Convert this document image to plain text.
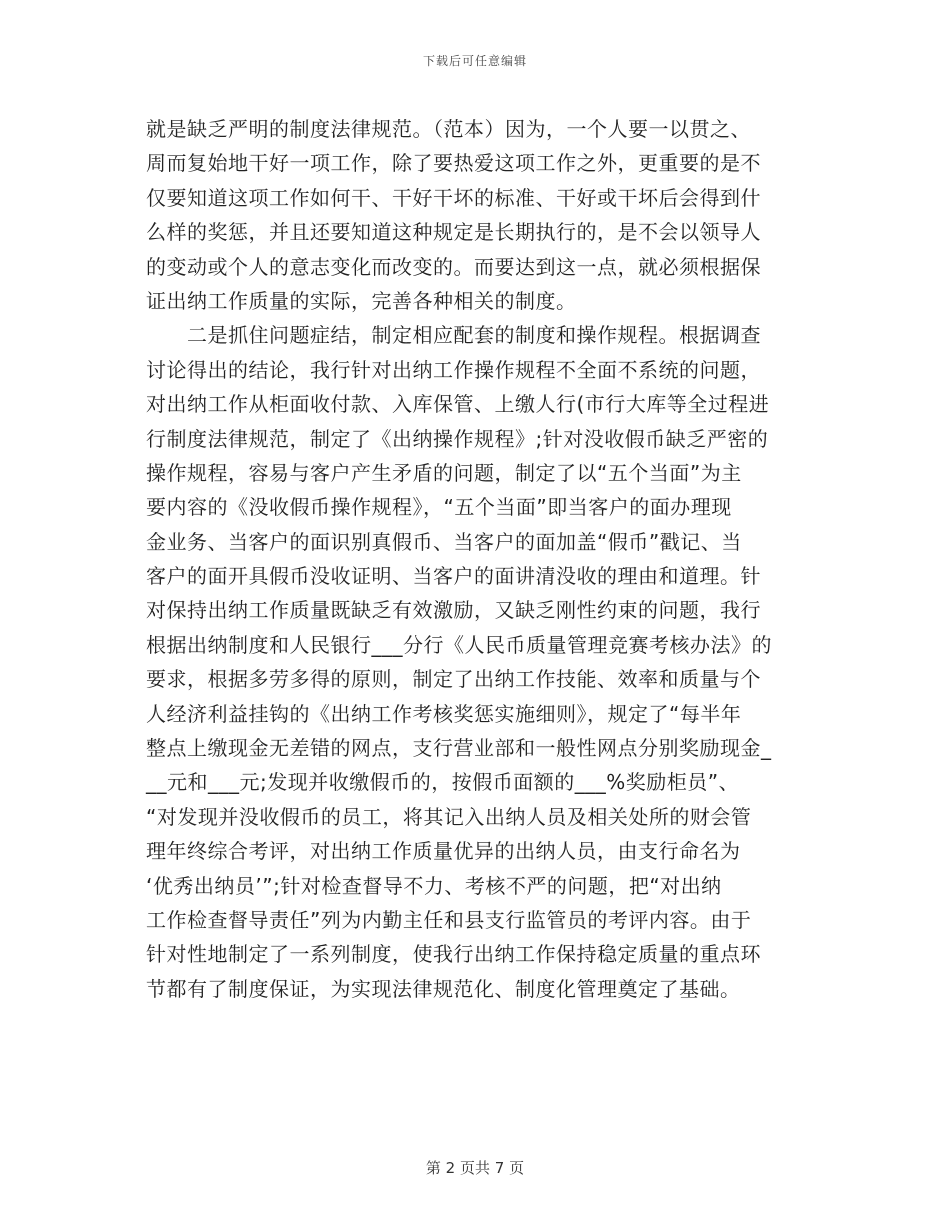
下载后可任意编辑
就是缺乏严明的制度法律规范。（范本）因为，一个人要一以贯之、
周而复始地干好一项工作，除了要热爱这项工作之外，更重要的是不
仅要知道这项工作如何干、干好干坏的标准、干好或干坏后会得到什
么样的奖惩，并且还要知道这种规定是长期执行的，是不会以领导人
的变动或个人的意志变化而改变的。而要达到这一点，就必须根据保
证出纳工作质量的实际，完善各种相关的制度。
二是抓住问题症结，制定相应配套的制度和操作规程。根据调查
讨论得出的结论，我行针对出纳工作操作规程不全面不系统的问题，
对出纳工作从柜面收付款、入库保管、上缴人行(市行大库等全过程进
行制度法律规范，制定了《出纳操作规程》;针对没收假币缺乏严密的
操作规程，容易与客户产生矛盾的问题，制定了以“五个当面”为主
要内容的《没收假币操作规程》，“五个当面”即当客户的面办理现
金业务、当客户的面识别真假币、当客户的面加盖“假币”戳记、当
客户的面开具假币没收证明、当客户的面讲清没收的理由和道理。针
对保持出纳工作质量既缺乏有效激励，又缺乏刚性约束的问题，我行
根据出纳制度和人民银行___分行《人民币质量管理竞赛考核办法》的
要求，根据多劳多得的原则，制定了出纳工作技能、效率和质量与个
人经济利益挂钩的《出纳工作考核奖惩实施细则》，规定了“每半年
整点上缴现金无差错的网点，支行营业部和一般性网点分别奖励现金_
__元和___元;发现并收缴假币的，按假币面额的___%奖励柜员”、
“对发现并没收假币的员工，将其记入出纳人员及相关处所的财会管
理年终综合考评，对出纳工作质量优异的出纳人员，由支行命名为
‘优秀出纳员’”;针对检查督导不力、考核不严的问题，把“对出纳
工作检查督导责任”列为内勤主任和县支行监管员的考评内容。由于
针对性地制定了一系列制度，使我行出纳工作保持稳定质量的重点环
节都有了制度保证，为实现法律规范化、制度化管理奠定了基础。
第 2 页共 7 页
